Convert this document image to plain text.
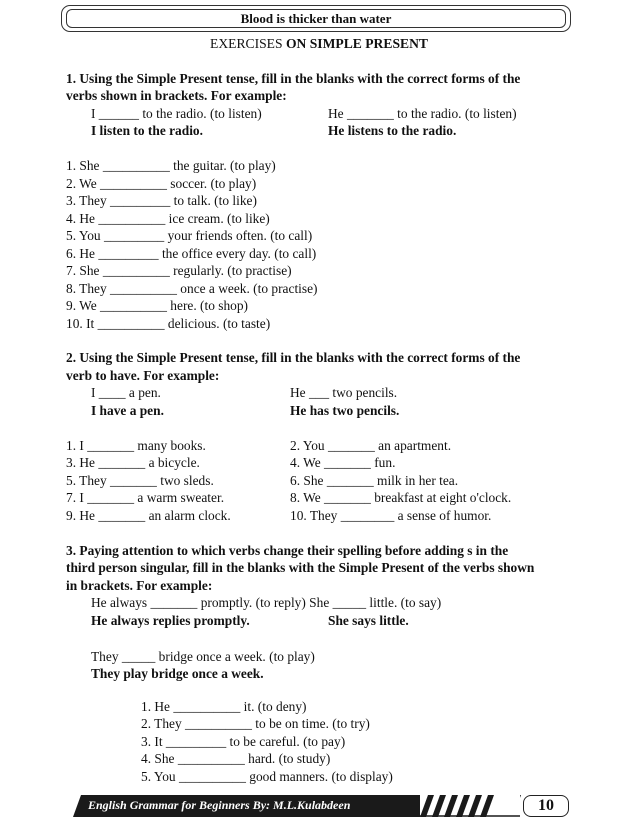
Blood is thicker than water
EXERCISES ON SIMPLE PRESENT
1. Using the Simple Present tense, fill in the blanks with the correct forms of the
verbs shown in brackets. For example:
I ______ to the radio. (to listen)
I listen to the radio.
He _______ to the radio. (to listen)
He listens to the radio.
1. She __________ the guitar. (to play)
2. We __________ soccer. (to play)
3. They _________ to talk. (to like)
4. He __________ ice cream. (to like)
5. You _________ your friends often. (to call)
6. He _________ the office every day. (to call)
7. She __________ regularly. (to practise)
8. They __________ once a week. (to practise)
9. We __________ here. (to shop)
10. It __________ delicious. (to taste)
2. Using the Simple Present tense, fill in the blanks with the correct forms of the
verb to have. For example:
I ____ a pen.
I have a pen.
He ___ two pencils.
He has two pencils.
1. I _______ many books.
3. He _______ a bicycle.
5. They _______ two sleds.
7. I _______ a warm sweater.
9. He _______ an alarm clock.
2. You _______ an apartment.
4. We _______ fun.
6. She _______ milk in her tea.
8. We _______ breakfast at eight o'clock.
10. They ________ a sense of humor.
3. Paying attention to which verbs change their spelling before adding s in the
third person singular, fill in the blanks with the Simple Present of the verbs shown
in brackets. For example:
He always _______ promptly. (to reply) She _____ little. (to say)
He always replies promptly.	She says little.
They _____ bridge once a week. (to play)
They play bridge once a week.
1. He __________ it. (to deny)
2. They __________ to be on time. (to try)
3. It _________ to be careful. (to pay)
4. She __________ hard. (to study)
5. You __________ good manners. (to display)
English Grammar for Beginners By: M.L.Kulabdeen	10
